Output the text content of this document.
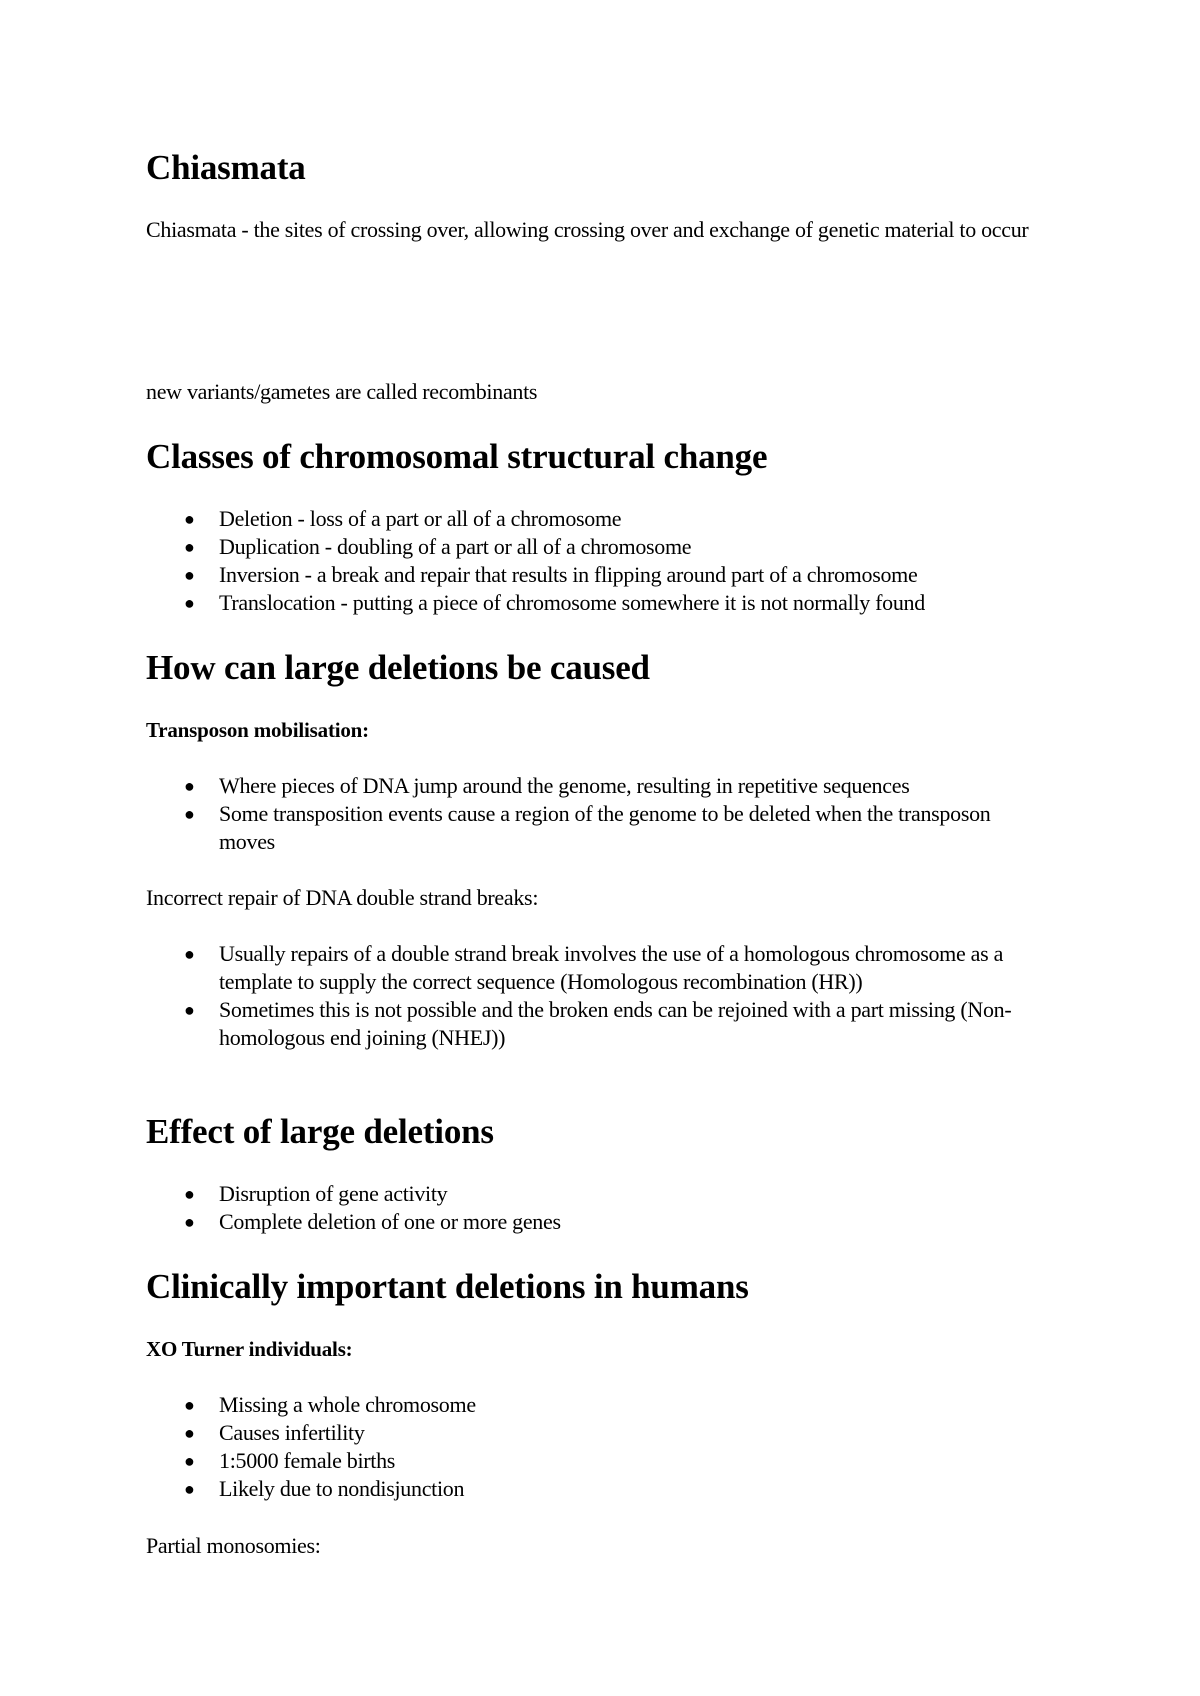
Chiasmata

Chiasmata - the sites of crossing over, allowing crossing over and exchange of genetic material to occur

new variants/gametes are called recombinants

Classes of chromosomal structural change
● Deletion - loss of a part or all of a chromosome
● Duplication - doubling of a part or all of a chromosome
● Inversion - a break and repair that results in flipping around part of a chromosome
● Translocation - putting a piece of chromosome somewhere it is not normally found
How can large deletions be caused

Transposon mobilisation:

● Where pieces of DNA jump around the genome, resulting in repetitive sequences
● Some transposition events cause a region of the genome to be deleted when the transposon moves

Incorrect repair of DNA double strand breaks:

● Usually repairs of a double strand break involves the use of a homologous chromosome as a template to supply the correct sequence (Homologous recombination (HR))
● Sometimes this is not possible and the broken ends can be rejoined with a part missing (Non-homologous end joining (NHEJ))
Effect of large deletions
● Disruption of gene activity
● Complete deletion of one or more genes
Clinically important deletions in humans

XO Turner individuals:

● Missing a whole chromosome
● Causes infertility
● 1:5000 female births
● Likely due to nondisjunction

Partial monosomies:
